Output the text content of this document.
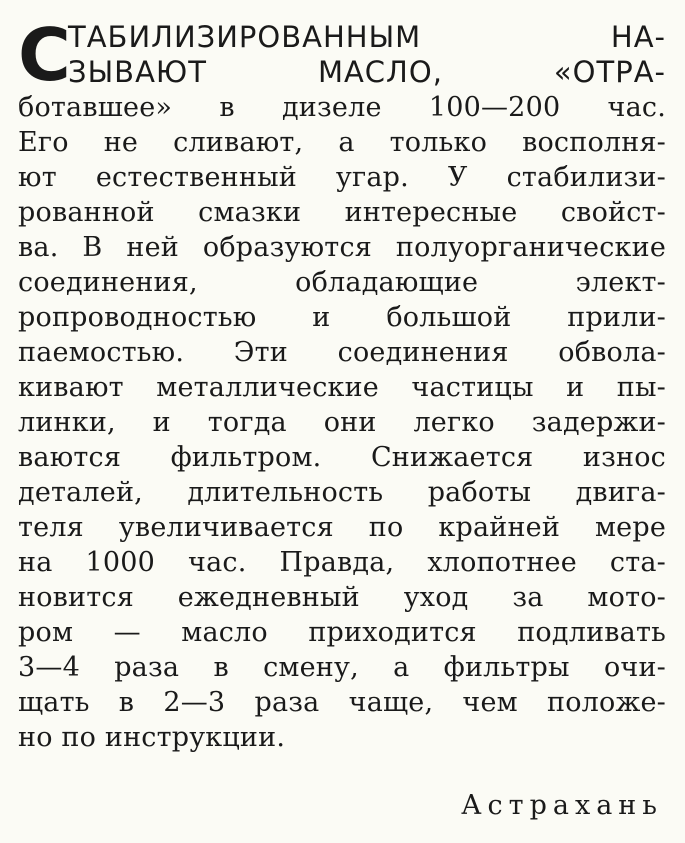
С
ТАБИЛИЗИРОВАННЫМ НА-
ЗЫВАЮТ МАСЛО, «ОТРА-
ботавшее» в дизеле 100—200 час.
Его не сливают, а только восполня-
ют естественный угар. У стабилизи-
рованной смазки интересные свойст-
ва. В ней образуются полуорганические
соединения, обладающие элект-
ропроводностью и большой прили-
паемостью. Эти соединения обвола-
кивают металлические частицы и пы-
линки, и тогда они легко задержи-
ваются фильтром. Снижается износ
деталей, длительность работы двига-
теля увеличивается по крайней мере
на 1000 час. Правда, хлопотнее ста-
новится ежедневный уход за мото-
ром — масло приходится подливать
3—4 раза в смену, а фильтры очи-
щать в 2—3 раза чаще, чем положе-
но по инструкции.
Астрахань
